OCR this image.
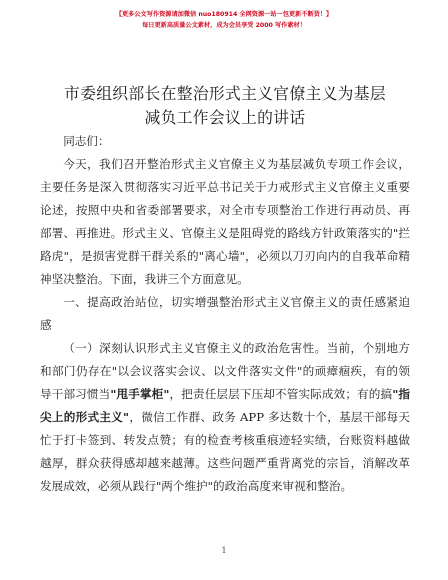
【更多公文写作资源请加微信 nuo180914 全网资源一站一包更新不断货！】
每日更新高质量公文素材，成为会员享受 2000 写作素材！
市委组织部长在整治形式主义官僚主义为基层
减负工作会议上的讲话

同志们：

今天，我们召开整治形式主义官僚主义为基层减负专项工作会议，主要任务是深入贯彻落实习近平总书记关于力戒形式主义官僚主义重要论述，按照中央和省委部署要求，对全市专项整治工作进行再动员、再部署、再推进。形式主义、官僚主义是阻碍党的路线方针政策落实的"拦路虎"，是损害党群干群关系的"离心墙"，必须以刀刃向内的自我革命精神坚决整治。下面，我讲三个方面意见。

一、提高政治站位，切实增强整治形式主义官僚主义的责任感紧迫感

（一）深刻认识形式主义官僚主义的政治危害性。当前，个别地方和部门仍存在"以会议落实会议、以文件落实文件"的顽瘴痼疾，有的领导干部习惯当"甩手掌柜"，把责任层层下压却不管实际成效；有的搞"指尖上的形式主义"，微信工作群、政务 APP 多达数十个，基层干部每天忙于打卡签到、转发点赞；有的检查考核重痕迹轻实绩，台账资料越做越厚，群众获得感却越来越薄。这些问题严重背离党的宗旨，消解改革发展成效，必须从践行"两个维护"的政治高度来审视和整治。

1
